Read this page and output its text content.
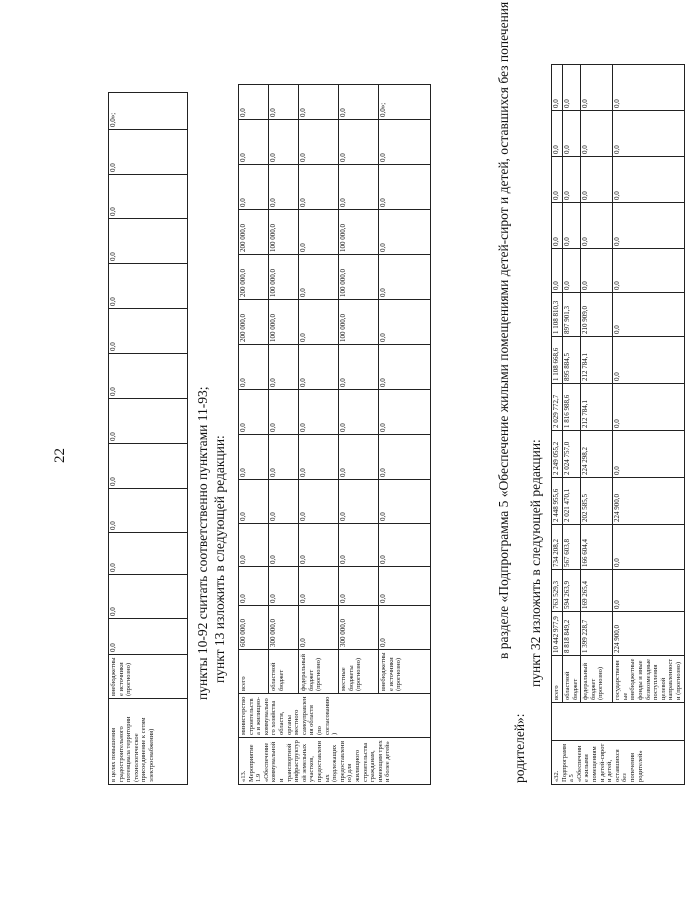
22
в целях повышения градостроительного потенциала территории (технологическое присоединение к сетям электроснабжения)	внебюджетные источники (прогнозно)	0,0	0,0	0,0	0,0	0,0	0,0	0,0	0,0	0,0	0,0	0,0	0,0	0,0»;
пункты 10-92 считать соответственно пунктами 11-93; пункт 13 изложить в следующей редакции:
«13. Мероприятие 1.9 «Обеспечение коммунальной и транспортной инфраструктурой земельных участков, предоставленных (подлежащих предоставлению) для жилищного строительства гражданам, имеющим трех и более детей»	министерство строительства и жилищно-коммунального хозяйства области, органы местного самоуправления области (по согласованию)	всего	600 000,0	0,0	0,0	0,0	0,0	0,0	0,0	200 000,0	200 000,0	200 000,0	0,0	0,0	0,0
		областной бюджет	300 000,0	0,0	0,0	0,0	0,0	0,0	0,0	100 000,0	100 000,0	100 000,0	0,0	0,0	0,0
		федеральный бюджет (прогнозно)	0,0	0,0	0,0	0,0	0,0	0,0	0,0	0,0	0,0	0,0	0,0	0,0	0,0
		местные бюджеты (прогнозно)	300 000,0	0,0	0,0	0,0	0,0	0,0	0,0	100 000,0	100 000,0	100 000,0	0,0	0,0	0,0
		внебюджетные источники (прогнозно)	0,0	0,0	0,0	0,0	0,0	0,0	0,0	0,0	0,0	0,0	0,0	0,0	0,0»;	в разделе «Подпрограмма 5 «Обеспечение жилыми помещениями детей-сирот и детей, оставшихся без попечения
родителей»:
пункт 32 изложить в следующей редакции:
«32. Подпрограмма 5 «Обеспечение жилыми помещениями детей-сирот и детей, оставшихся без попечения родителей»		всего	10 442 977,9	763 529,3	734 208,2	2 448 955,6	2 249 055,2	2 029 772,7	1 108 668,6	1 108 810,3	0,0	0,0	0,0	0,0	0,0
		областной бюджет	8 818 849,2	594 263,9	567 603,8	2 021 470,1	2 024 757,0	1 816 988,6	895 884,5	897 901,3	0,0	0,0	0,0	0,0	0,0
		федеральный бюджет (прогнозно)	1 399 228,7	169 265,4	166 604,4	202 585,5	224 298,2	212 784,1	212 784,1	210 909,0	0,0	0,0	0,0	0,0	0,0
		государственные внебюджетные фонды и иные безвозмездные поступления целевой направленности (прогнозно)	224 900,0	0,0	0,0	224 900,0	0,0	0,0	0,0	0,0	0,0	0,0	0,0	0,0	0,0
